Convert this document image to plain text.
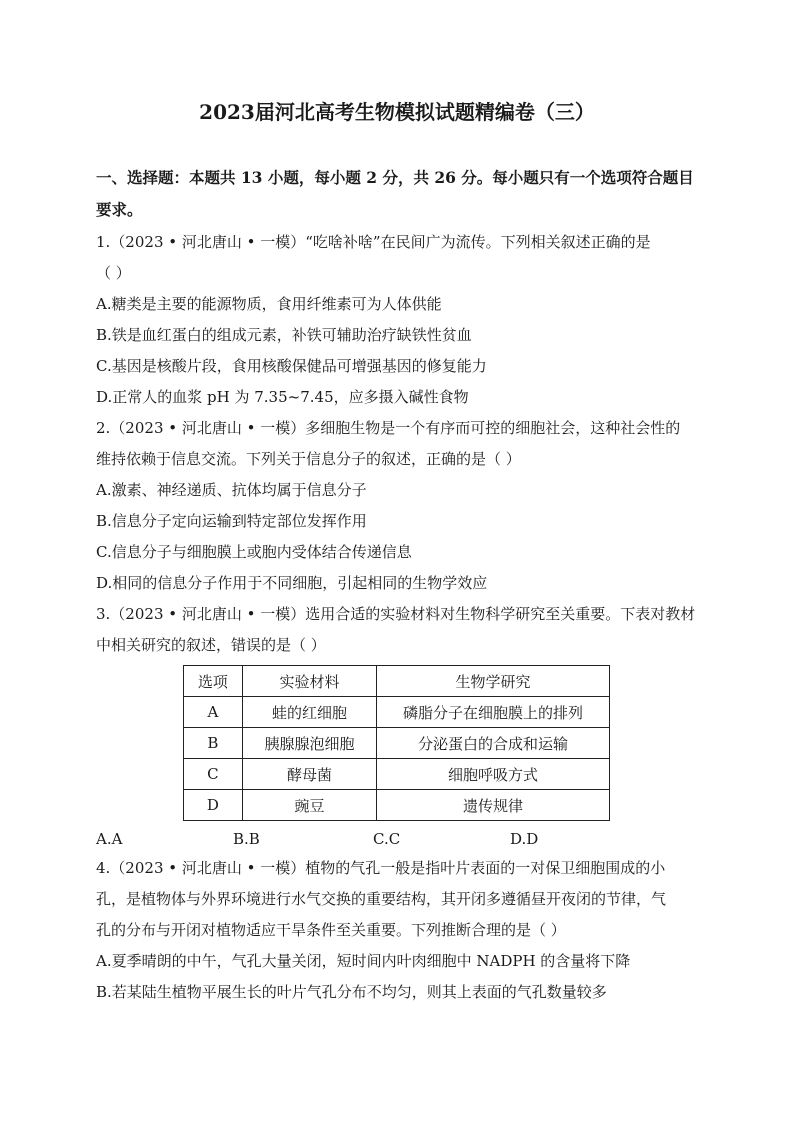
2023届河北高考生物模拟试题精编卷（三）
一、选择题：本题共 13 小题，每小题 2 分，共 26 分。每小题只有一个选项符合题目
要求。
1.（2023 • 河北唐山 • 一模）“吃啥补啥”在民间广为流传。下列相关叙述正确的是
（ ）
A.糖类是主要的能源物质，食用纤维素可为人体供能
B.铁是血红蛋白的组成元素，补铁可辅助治疗缺铁性贫血
C.基因是核酸片段，食用核酸保健品可增强基因的修复能力
D.正常人的血浆 pH 为 7.35~7.45，应多摄入碱性食物
2.（2023 • 河北唐山 • 一模）多细胞生物是一个有序而可控的细胞社会，这种社会性的
维持依赖于信息交流。下列关于信息分子的叙述，正确的是（ ）
A.激素、神经递质、抗体均属于信息分子
B.信息分子定向运输到特定部位发挥作用
C.信息分子与细胞膜上或胞内受体结合传递信息
D.相同的信息分子作用于不同细胞，引起相同的生物学效应
3.（2023 • 河北唐山 • 一模）选用合适的实验材料对生物科学研究至关重要。下表对教材
中相关研究的叙述，错误的是（ ）
选项	实验材料	生物学研究
A	蛙的红细胞	磷脂分子在细胞膜上的排列
B	胰腺腺泡细胞	分泌蛋白的合成和运输
C	酵母菌	细胞呼吸方式
D	豌豆	遗传规律
A.A	B.B	C.C	D.D
4.（2023 • 河北唐山 • 一模）植物的气孔一般是指叶片表面的一对保卫细胞围成的小
孔，是植物体与外界环境进行水气交换的重要结构，其开闭多遵循昼开夜闭的节律，气
孔的分布与开闭对植物适应干旱条件至关重要。下列推断合理的是（ ）
A.夏季晴朗的中午，气孔大量关闭，短时间内叶肉细胞中 NADPH 的含量将下降
B.若某陆生植物平展生长的叶片气孔分布不均匀，则其上表面的气孔数量较多
